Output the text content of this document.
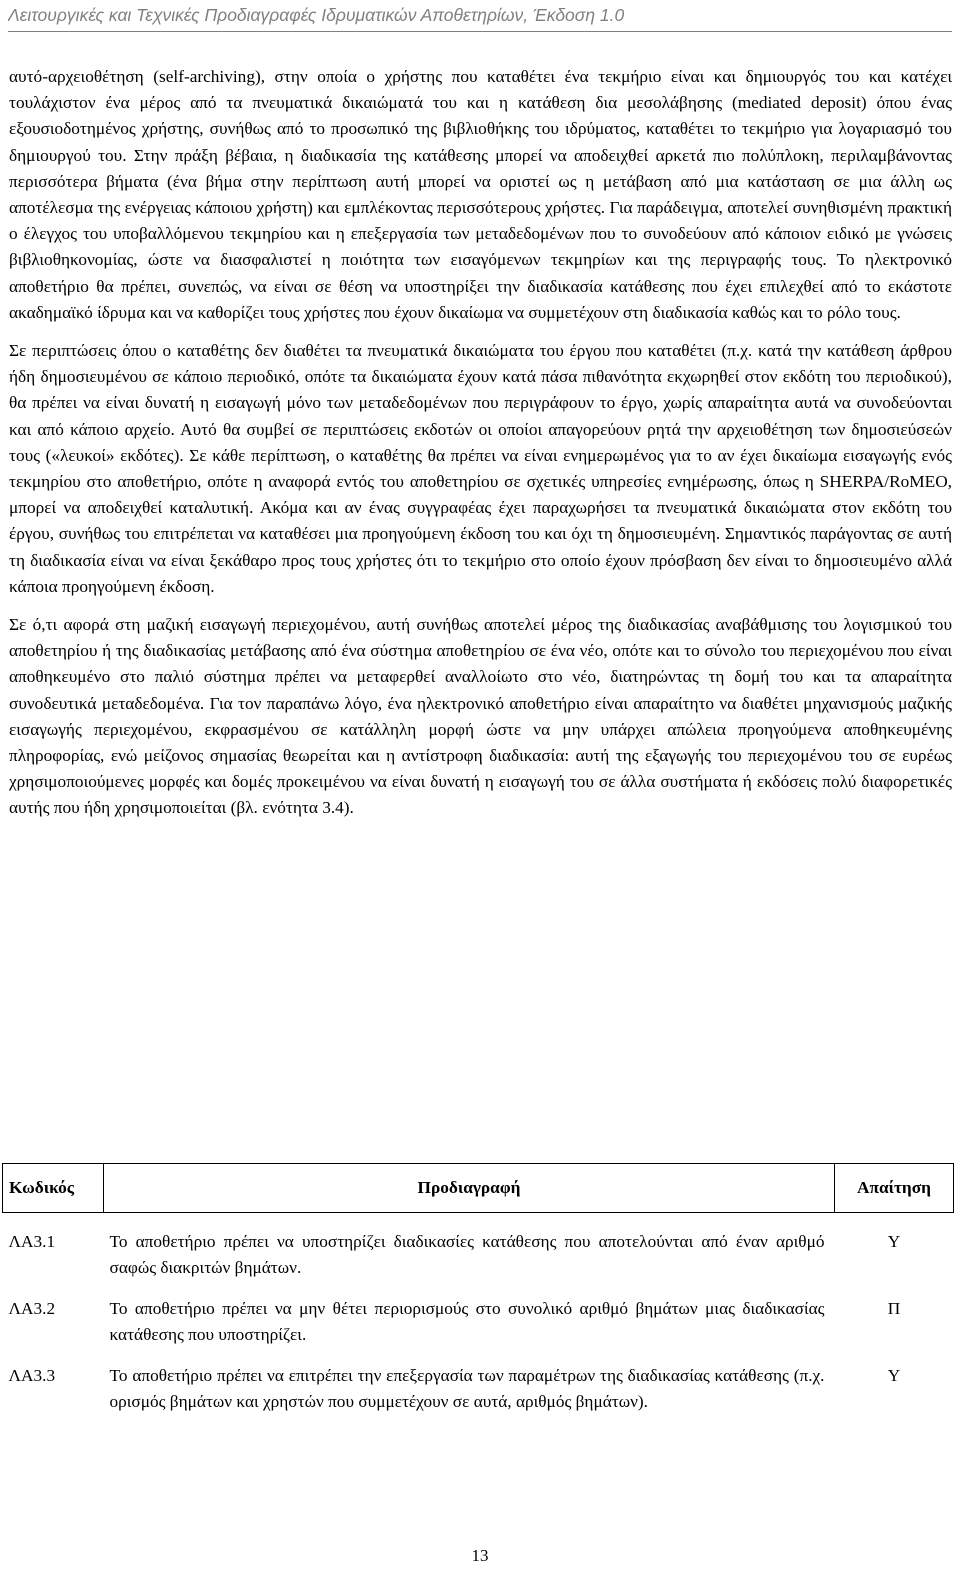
Λειτουργικές και Τεχνικές Προδιαγραφές Ιδρυματικών Αποθετηρίων, Έκδοση 1.0

αυτό-αρχειοθέτηση (self-archiving), στην οποία ο χρήστης που καταθέτει ένα τεκμήριο είναι και δημιουργός του και κατέχει τουλάχιστον ένα μέρος από τα πνευματικά δικαιώματά του και η κατάθεση δια μεσολάβησης (mediated deposit) όπου ένας εξουσιοδοτημένος χρήστης, συνήθως από το προσωπικό της βιβλιοθήκης του ιδρύματος, καταθέτει το τεκμήριο για λογαριασμό του δημιουργού του. Στην πράξη βέβαια, η διαδικασία της κατάθεσης μπορεί να αποδειχθεί αρκετά πιο πολύπλοκη, περιλαμβάνοντας περισσότερα βήματα (ένα βήμα στην περίπτωση αυτή μπορεί να οριστεί ως η μετάβαση από μια κατάσταση σε μια άλλη ως αποτέλεσμα της ενέργειας κάποιου χρήστη) και εμπλέκοντας περισσότερους χρήστες. Για παράδειγμα, αποτελεί συνηθισμένη πρακτική ο έλεγχος του υποβαλλόμενου τεκμηρίου και η επεξεργασία των μεταδεδομένων που το συνοδεύουν από κάποιον ειδικό με γνώσεις βιβλιοθηκονομίας, ώστε να διασφαλιστεί η ποιότητα των εισαγόμενων τεκμηρίων και της περιγραφής τους. Το ηλεκτρονικό αποθετήριο θα πρέπει, συνεπώς, να είναι σε θέση να υποστηρίξει την διαδικασία κατάθεσης που έχει επιλεχθεί από το εκάστοτε ακαδημαϊκό ίδρυμα και να καθορίζει τους χρήστες που έχουν δικαίωμα να συμμετέχουν στη διαδικασία καθώς και το ρόλο τους.

Σε περιπτώσεις όπου ο καταθέτης δεν διαθέτει τα πνευματικά δικαιώματα του έργου που καταθέτει (π.χ. κατά την κατάθεση άρθρου ήδη δημοσιευμένου σε κάποιο περιοδικό, οπότε τα δικαιώματα έχουν κατά πάσα πιθανότητα εκχωρηθεί στον εκδότη του περιοδικού), θα πρέπει να είναι δυνατή η εισαγωγή μόνο των μεταδεδομένων που περιγράφουν το έργο, χωρίς απαραίτητα αυτά να συνοδεύονται και από κάποιο αρχείο. Αυτό θα συμβεί σε περιπτώσεις εκδοτών οι οποίοι απαγορεύουν ρητά την αρχειοθέτηση των δημοσιεύσεών τους («λευκοί» εκδότες). Σε κάθε περίπτωση, ο καταθέτης θα πρέπει να είναι ενημερωμένος για το αν έχει δικαίωμα εισαγωγής ενός τεκμηρίου στο αποθετήριο, οπότε η αναφορά εντός του αποθετηρίου σε σχετικές υπηρεσίες ενημέρωσης, όπως η SHERPA/RoMEO, μπορεί να αποδειχθεί καταλυτική. Ακόμα και αν ένας συγγραφέας έχει παραχωρήσει τα πνευματικά δικαιώματα στον εκδότη του έργου, συνήθως του επιτρέπεται να καταθέσει μια προηγούμενη έκδοση του και όχι τη δημοσιευμένη. Σημαντικός παράγοντας σε αυτή τη διαδικασία είναι να είναι ξεκάθαρο προς τους χρήστες ότι το τεκμήριο στο οποίο έχουν πρόσβαση δεν είναι το δημοσιευμένο αλλά κάποια προηγούμενη έκδοση.

Σε ό,τι αφορά στη μαζική εισαγωγή περιεχομένου, αυτή συνήθως αποτελεί μέρος της διαδικασίας αναβάθμισης του λογισμικού του αποθετηρίου ή της διαδικασίας μετάβασης από ένα σύστημα αποθετηρίου σε ένα νέο, οπότε και το σύνολο του περιεχομένου που είναι αποθηκευμένο στο παλιό σύστημα πρέπει να μεταφερθεί αναλλοίωτο στο νέο, διατηρώντας τη δομή του και τα απαραίτητα συνοδευτικά μεταδεδομένα. Για τον παραπάνω λόγο, ένα ηλεκτρονικό αποθετήριο είναι απαραίτητο να διαθέτει μηχανισμούς μαζικής εισαγωγής περιεχομένου, εκφρασμένου σε κατάλληλη μορφή ώστε να μην υπάρχει απώλεια προηγούμενα αποθηκευμένης πληροφορίας, ενώ μείζονος σημασίας θεωρείται και η αντίστροφη διαδικασία: αυτή της εξαγωγής του περιεχομένου του σε ευρέως χρησιμοποιούμενες μορφές και δομές προκειμένου να είναι δυνατή η εισαγωγή του σε άλλα συστήματα ή εκδόσεις πολύ διαφορετικές αυτής που ήδη χρησιμοποιείται (βλ. ενότητα 3.4).

Κωδικός	Προδιαγραφή	Απαίτηση
ΛΑ3.1	Το αποθετήριο πρέπει να υποστηρίζει διαδικασίες κατάθεσης που αποτελούνται από έναν αριθμό σαφώς διακριτών βημάτων.	Υ
ΛΑ3.2	Το αποθετήριο πρέπει να μην θέτει περιορισμούς στο συνολικό αριθμό βημάτων μιας διαδικασίας κατάθεσης που υποστηρίζει.	Π
ΛΑ3.3	Το αποθετήριο πρέπει να επιτρέπει την επεξεργασία των παραμέτρων της διαδικασίας κατάθεσης (π.χ. ορισμός βημάτων και χρηστών που συμμετέχουν σε αυτά, αριθμός βημάτων).	Υ
13
